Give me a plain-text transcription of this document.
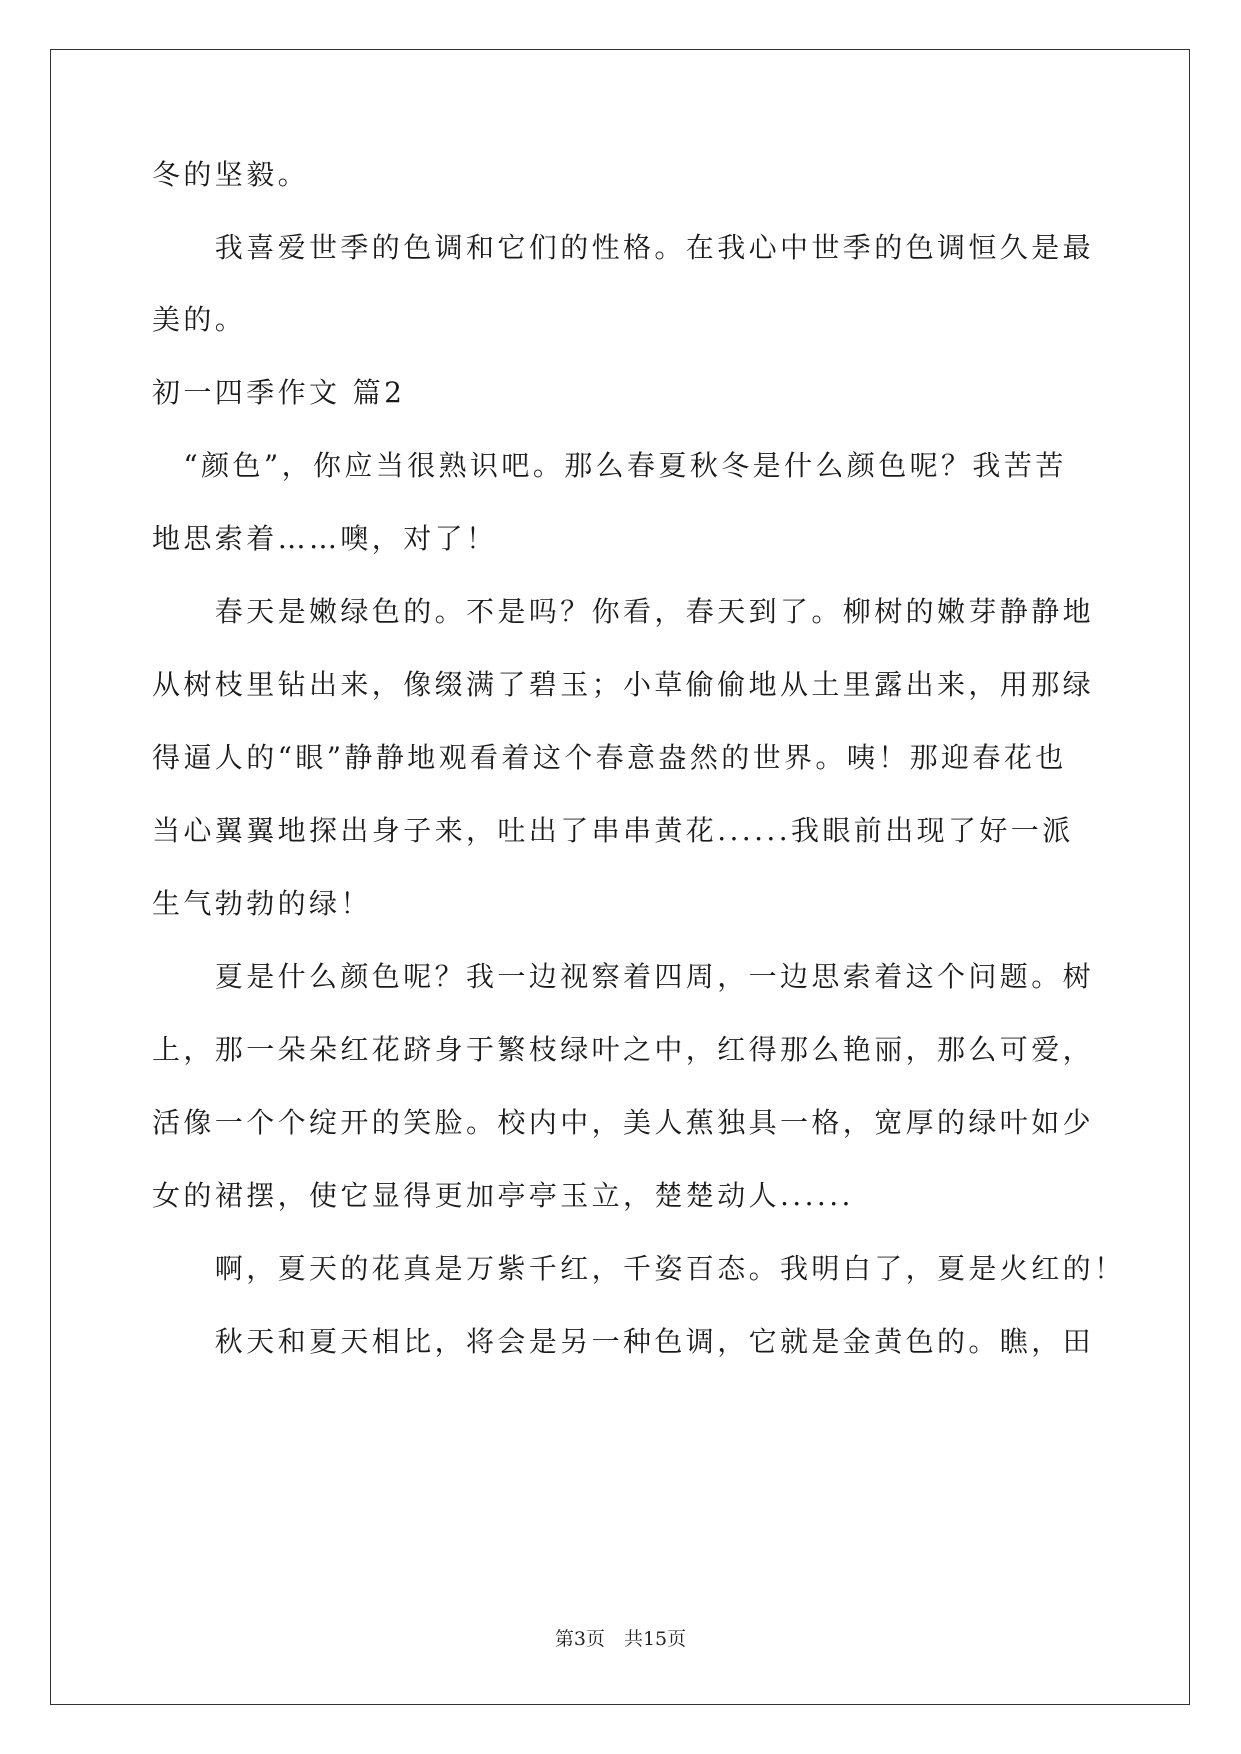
冬的坚毅。
　　我喜爱世季的色调和它们的性格。在我心中世季的色调恒久是最
美的。
初一四季作文 篇2
　“颜色”，你应当很熟识吧。那么春夏秋冬是什么颜色呢？我苦苦
地思索着……噢，对了！
　　春天是嫩绿色的。不是吗？你看，春天到了。柳树的嫩芽静静地
从树枝里钻出来，像缀满了碧玉；小草偷偷地从土里露出来，用那绿
得逼人的“眼”静静地观看着这个春意盎然的世界。咦！那迎春花也
当心翼翼地探出身子来，吐出了串串黄花......我眼前出现了好一派
生气勃勃的绿！
　　夏是什么颜色呢？我一边视察着四周，一边思索着这个问题。树
上，那一朵朵红花跻身于繁枝绿叶之中，红得那么艳丽，那么可爱，
活像一个个绽开的笑脸。校内中，美人蕉独具一格，宽厚的绿叶如少
女的裙摆，使它显得更加亭亭玉立，楚楚动人......
　　啊，夏天的花真是万紫千红，千姿百态。我明白了，夏是火红的！
　　秋天和夏天相比，将会是另一种色调，它就是金黄色的。瞧，田
第3页　共15页
